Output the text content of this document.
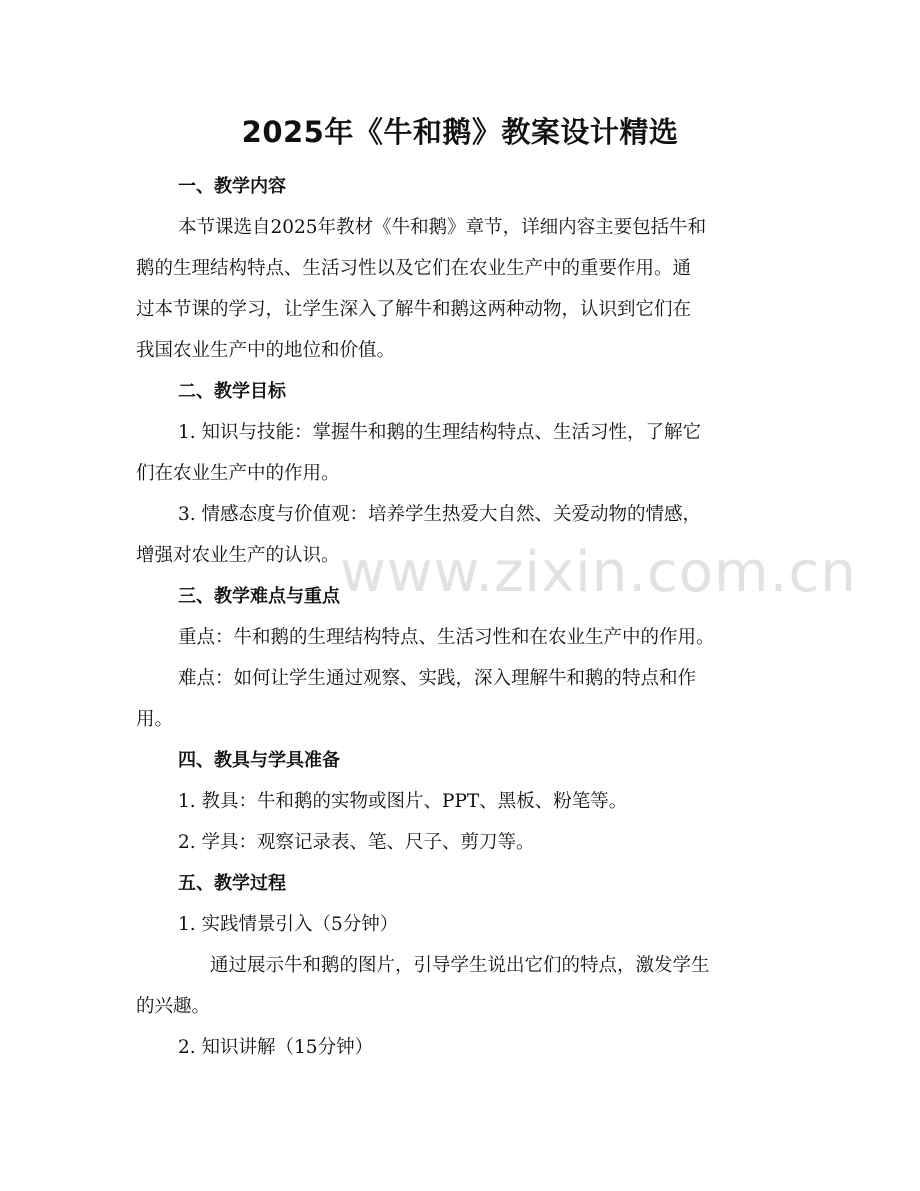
2025年《牛和鹅》教案设计精选
www.zixin.com.cn

一、教学内容

本节课选自2025年教材《牛和鹅》章节，详细内容主要包括牛和

鹅的生理结构特点、生活习性以及它们在农业生产中的重要作用。通

过本节课的学习，让学生深入了解牛和鹅这两种动物，认识到它们在

我国农业生产中的地位和价值。

二、教学目标

1. 知识与技能：掌握牛和鹅的生理结构特点、生活习性，了解它

们在农业生产中的作用。

3. 情感态度与价值观：培养学生热爱大自然、关爱动物的情感，

增强对农业生产的认识。

三、教学难点与重点

重点：牛和鹅的生理结构特点、生活习性和在农业生产中的作用。

难点：如何让学生通过观察、实践，深入理解牛和鹅的特点和作

用。

四、教具与学具准备

1. 教具：牛和鹅的实物或图片、PPT、黑板、粉笔等。

2. 学具：观察记录表、笔、尺子、剪刀等。

五、教学过程

1. 实践情景引入（5分钟）

通过展示牛和鹅的图片，引导学生说出它们的特点，激发学生

的兴趣。

2. 知识讲解（15分钟）
